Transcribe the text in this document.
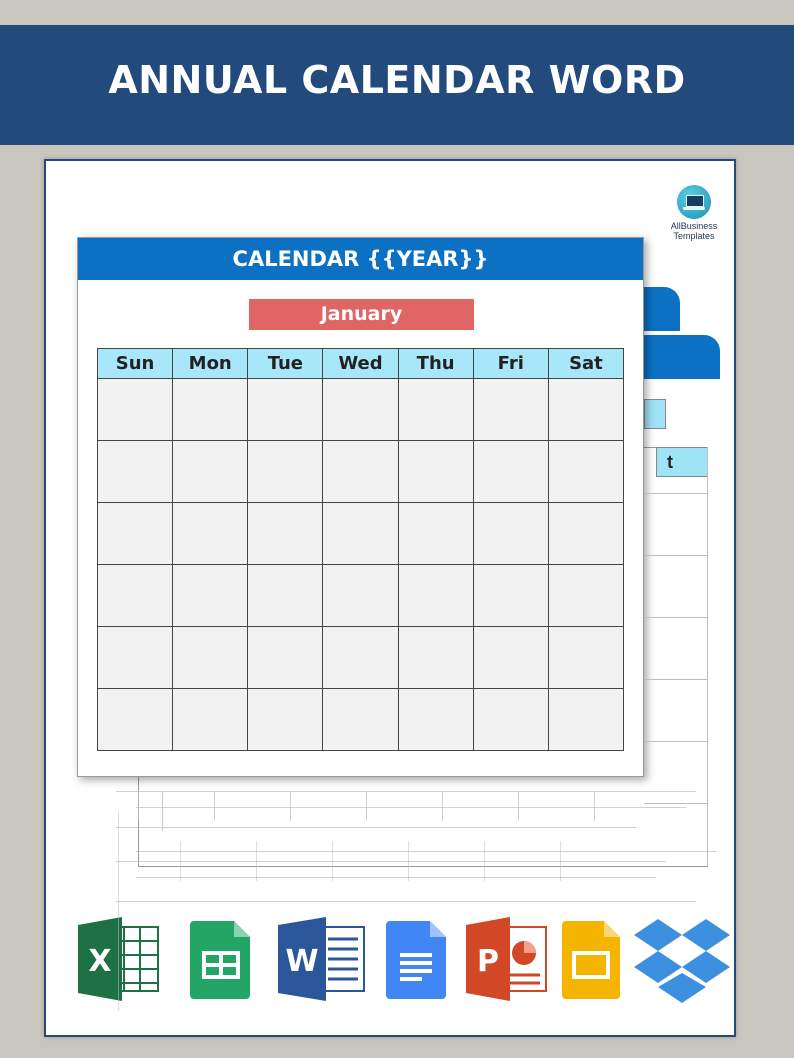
ANNUAL CALENDAR WORD
AllBusiness
Templates
t
CALENDAR {{YEAR}}
January
Sun	Mon	Tue	Wed	Thu	Fri	Sat

X	W	P
